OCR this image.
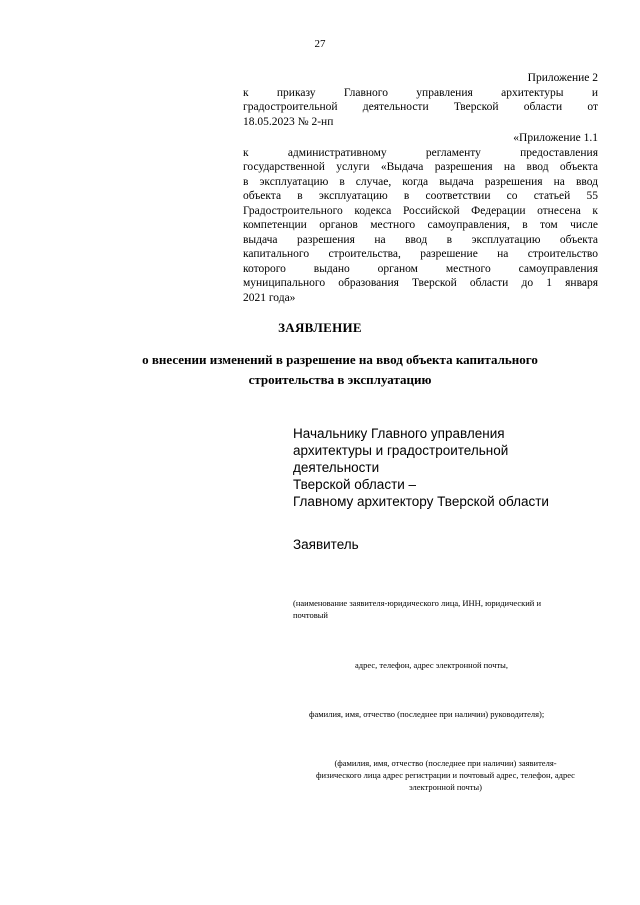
27
Приложение 2
к приказу Главного управления архитектуры и
градостроительной деятельности Тверской области от
18.05.2023 № 2-нп
«Приложение 1.1
к административному регламенту предоставления
государственной услуги «Выдача разрешения на ввод объекта
в эксплуатацию в случае, когда выдача разрешения на ввод
объекта в эксплуатацию в соответствии со статьей 55
Градостроительного кодекса Российской Федерации отнесена к
компетенции органов местного самоуправления, в том числе
выдача разрешения на ввод в эксплуатацию объекта
капитального строительства, разрешение на строительство
которого выдано органом местного самоуправления
муниципального образования Тверской области до 1 января
2021 года»
ЗАЯВЛЕНИЕ
о внесении изменений в разрешение на ввод объекта капитального
строительства в эксплуатацию
Начальнику Главного управления
архитектуры и градостроительной
деятельности
Тверской области –
Главному архитектору Тверской области
Заявитель
(наименование заявителя-юридического лица, ИНН, юридический и
почтовый
адрес, телефон, адрес электронной почты,
фамилия, имя, отчество (последнее при наличии) руководителя);
(фамилия, имя, отчество (последнее при наличии) заявителя-
физического лица адрес регистрации и почтовый адрес, телефон, адрес
электронной почты)
